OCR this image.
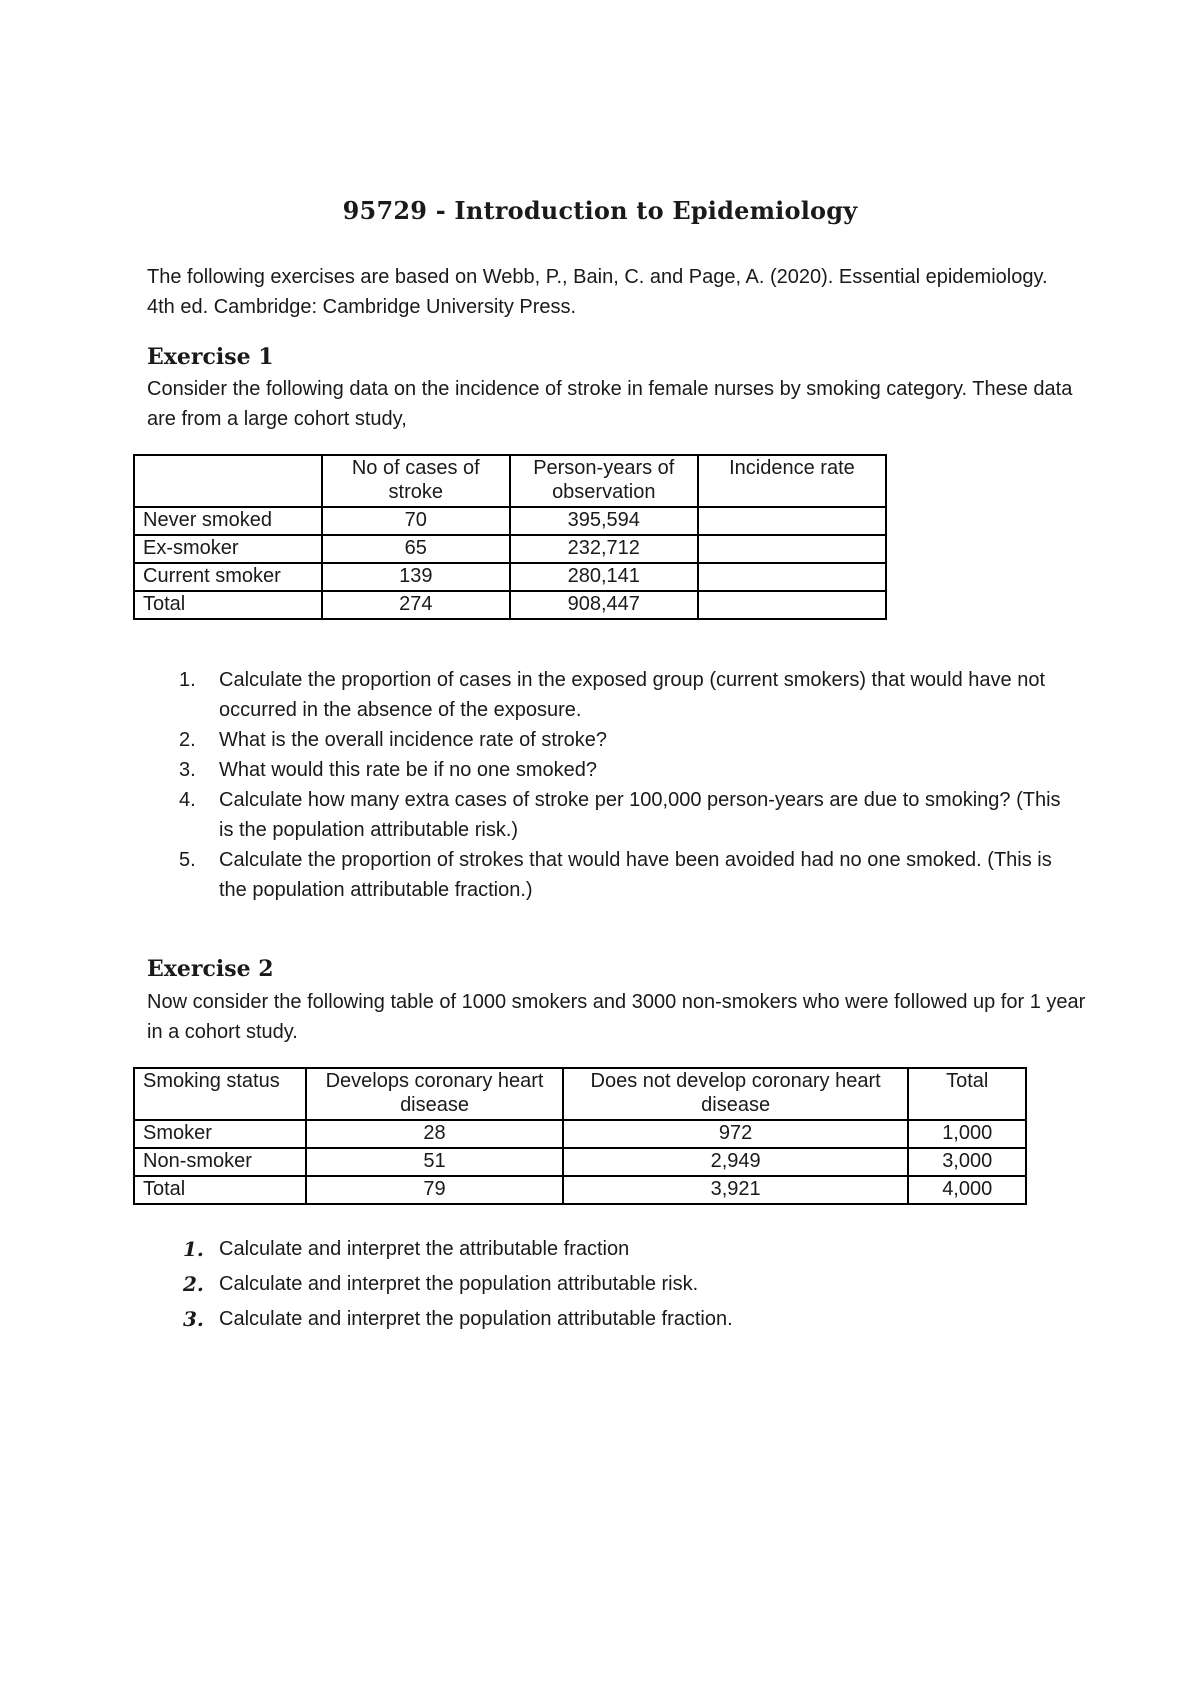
95729 - Introduction to Epidemiology
The following exercises are based on Webb, P., Bain, C. and Page, A. (2020). Essential epidemiology. 4th ed. Cambridge: Cambridge University Press.
Exercise 1
Consider the following data on the incidence of stroke in female nurses by smoking category. These data are from a large cohort study,
	No of cases of stroke	Person-years of observation	Incidence rate
Never smoked	70	395,594	
Ex-smoker	65	232,712	
Current smoker	139	280,141	
Total	274	908,447	
1. Calculate the proportion of cases in the exposed group (current smokers) that would have not occurred in the absence of the exposure.
2. What is the overall incidence rate of stroke?
3. What would this rate be if no one smoked?
4. Calculate how many extra cases of stroke per 100,000 person-years are due to smoking? (This is the population attributable risk.)
5. Calculate the proportion of strokes that would have been avoided had no one smoked. (This is the population attributable fraction.)
Exercise 2
Now consider the following table of 1000 smokers and 3000 non-smokers who were followed up for 1 year in a cohort study.
Smoking status	Develops coronary heart disease	Does not develop coronary heart disease	Total
Smoker	28	972	1,000
Non-smoker	51	2,949	3,000
Total	79	3,921	4,000
1. Calculate and interpret the attributable fraction
2. Calculate and interpret the population attributable risk.
3. Calculate and interpret the population attributable fraction.
